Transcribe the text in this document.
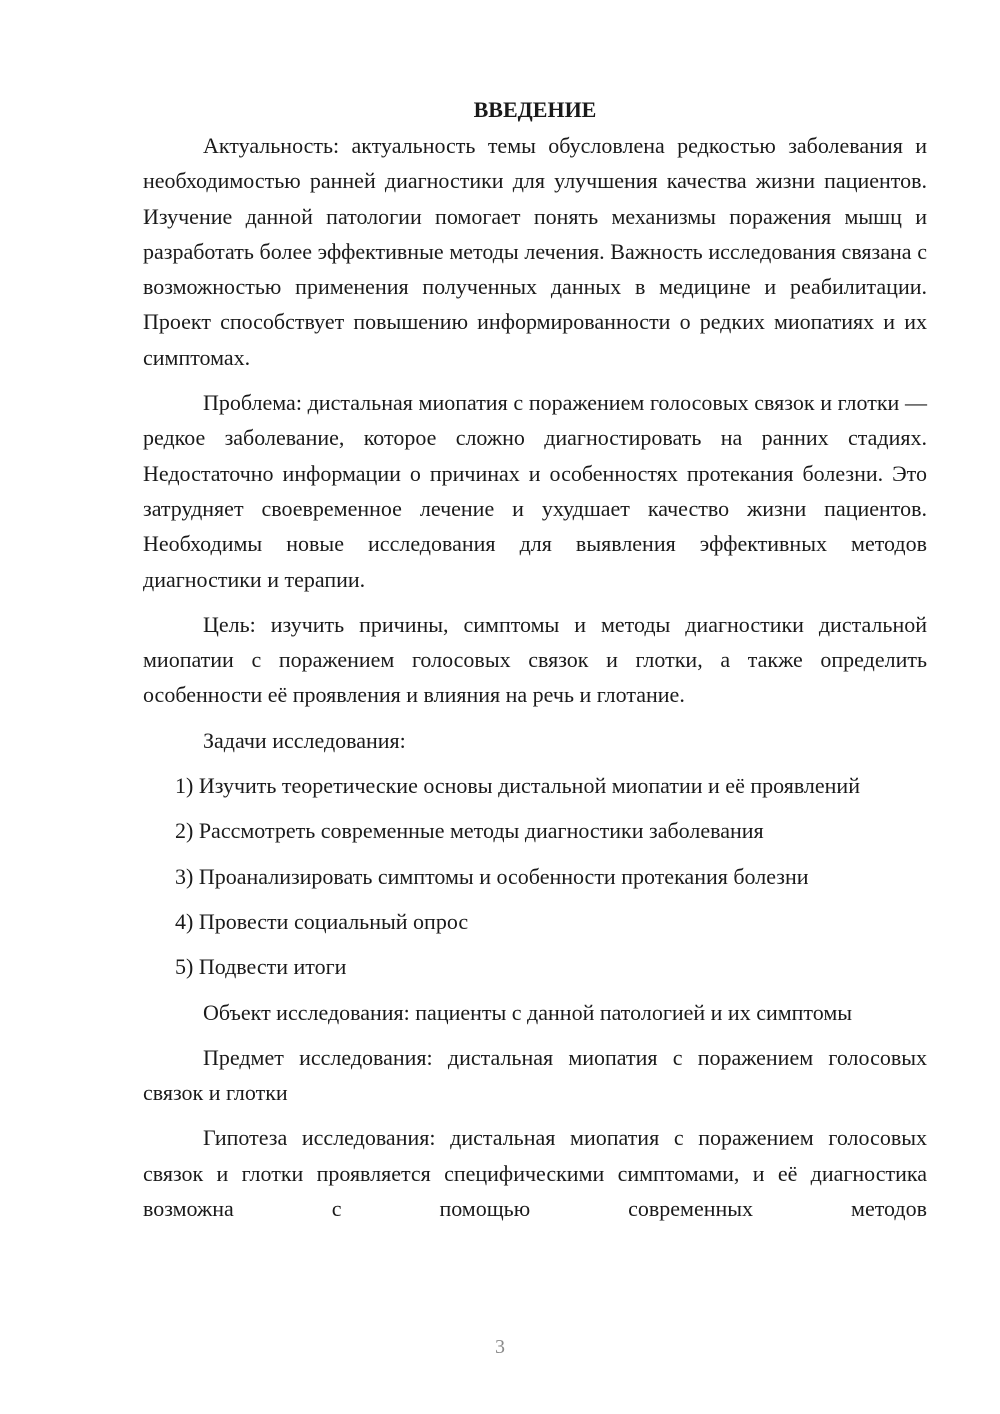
ВВЕДЕНИЕ

Актуальность: актуальность темы обусловлена редкостью заболевания и необходимостью ранней диагностики для улучшения качества жизни пациентов. Изучение данной патологии помогает понять механизмы поражения мышц и разработать более эффективные методы лечения. Важность исследования связана с возможностью применения полученных данных в медицине и реабилитации. Проект способствует повышению информированности о редких миопатиях и их симптомах.

Проблема: дистальная миопатия с поражением голосовых связок и глотки — редкое заболевание, которое сложно диагностировать на ранних стадиях. Недостаточно информации о причинах и особенностях протекания болезни. Это затрудняет своевременное лечение и ухудшает качество жизни пациентов. Необходимы новые исследования для выявления эффективных методов диагностики и терапии.

Цель: изучить причины, симптомы и методы диагностики дистальной миопатии с поражением голосовых связок и глотки, а также определить особенности её проявления и влияния на речь и глотание.

Задачи исследования:

1) Изучить теоретические основы дистальной миопатии и её проявлений

2) Рассмотреть современные методы диагностики заболевания

3) Проанализировать симптомы и особенности протекания болезни

4) Провести социальный опрос

5) Подвести итоги

Объект исследования: пациенты с данной патологией и их симптомы

Предмет исследования: дистальная миопатия с поражением голосовых связок и глотки

Гипотеза исследования: дистальная миопатия с поражением голосовых связок и глотки проявляется специфическими симптомами, и её диагностика возможна с помощью современных методов

3
